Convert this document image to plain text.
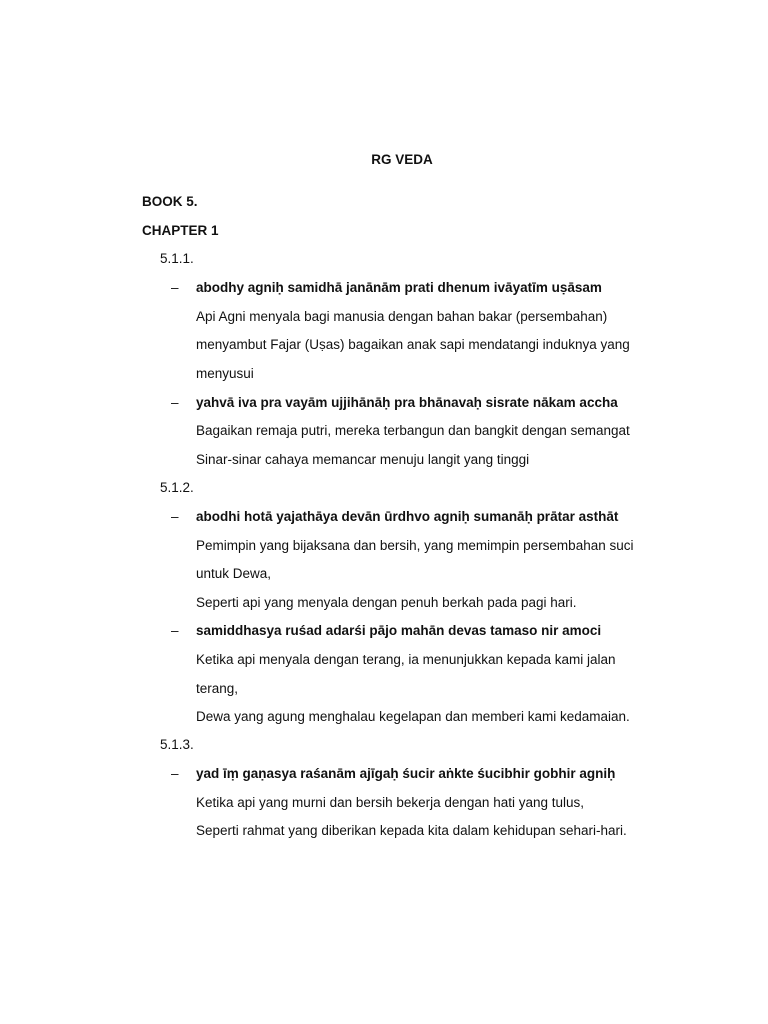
RG VEDA
BOOK 5.
CHAPTER 1
5.1.1.
– abodhy agniḥ samidhā janānām prati dhenum ivāyatīm uṣāsam
Api Agni menyala bagi manusia dengan bahan bakar (persembahan)
menyambut Fajar (Uṣas) bagaikan anak sapi mendatangi induknya yang
menyusui
– yahvā iva pra vayām ujjihānāḥ pra bhānavaḥ sisrate nākam accha
Bagaikan remaja putri, mereka terbangun dan bangkit dengan semangat
Sinar-sinar cahaya memancar menuju langit yang tinggi
5.1.2.
– abodhi hotā yajathāya devān ūrdhvo agniḥ sumanāḥ prātar asthāt
Pemimpin yang bijaksana dan bersih, yang memimpin persembahan suci
untuk Dewa,
Seperti api yang menyala dengan penuh berkah pada pagi hari.
– samiddhasya ruśad adarśi pājo mahān devas tamaso nir amoci
Ketika api menyala dengan terang, ia menunjukkan kepada kami jalan
terang,
Dewa yang agung menghalau kegelapan dan memberi kami kedamaian.
5.1.3.
– yad īṃ gaṇasya raśanām ajīgaḥ śucir aṅkte śucibhir gobhir agniḥ
Ketika api yang murni dan bersih bekerja dengan hati yang tulus,
Seperti rahmat yang diberikan kepada kita dalam kehidupan sehari-hari.
